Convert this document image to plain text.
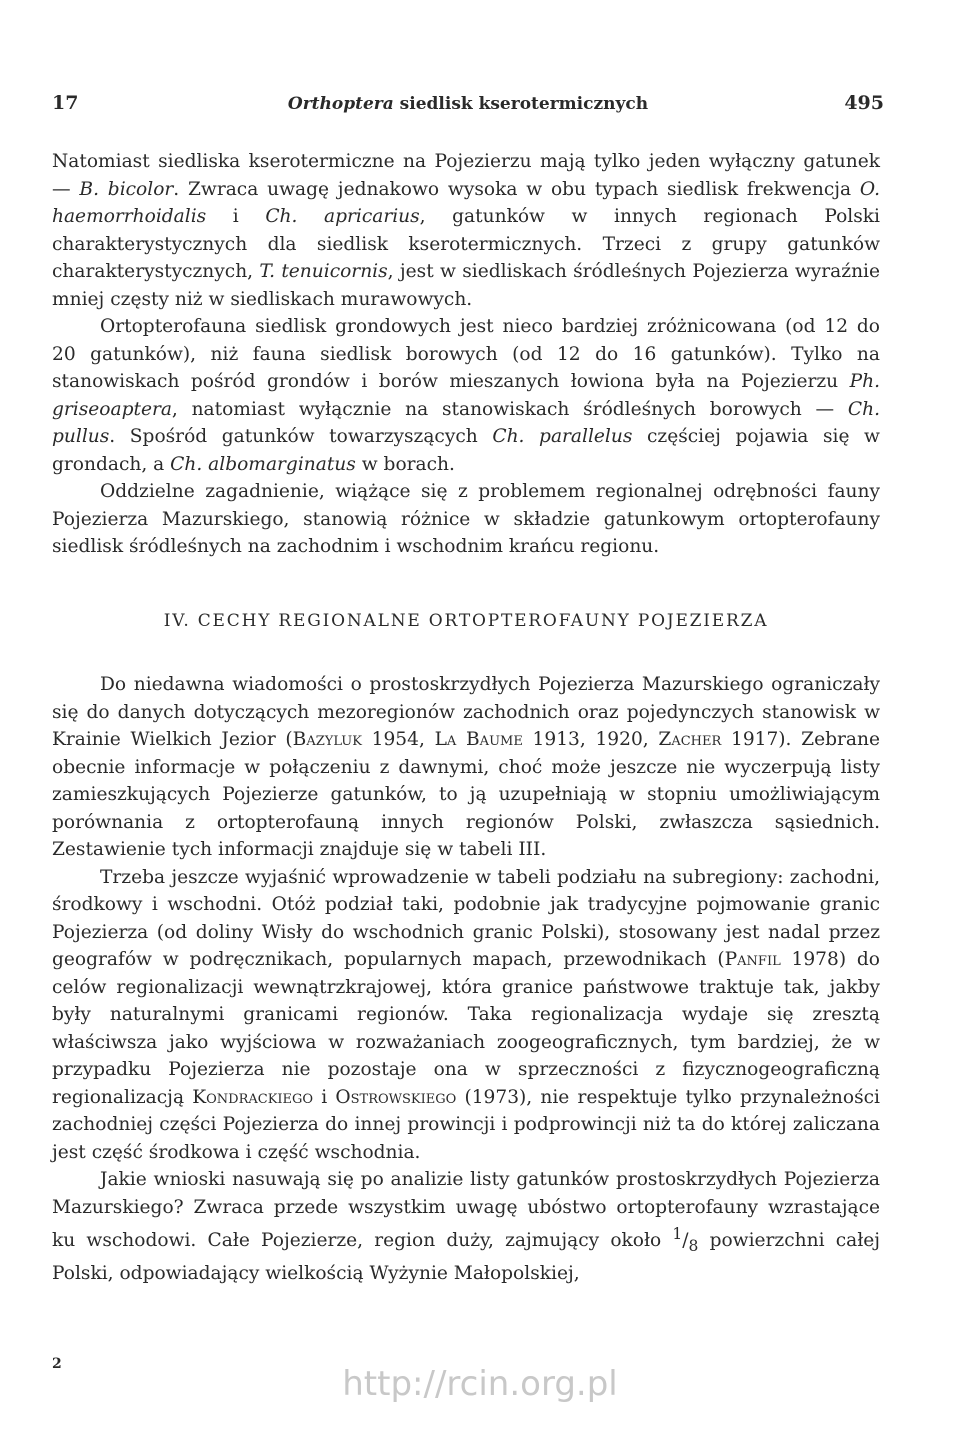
17	Orthoptera siedlisk kserotermicznych	495

Natomiast siedliska kserotermiczne na Pojezierzu mają tylko jeden wyłączny gatunek — B. bicolor. Zwraca uwagę jednakowo wysoka w obu typach siedlisk frekwencja O. haemorrhoidalis i Ch. apricarius, gatunków w innych regionach Polski charakterystycznych dla siedlisk kserotermicznych. Trzeci z grupy gatunków charakterystycznych, T. tenuicornis, jest w siedliskach śródleśnych Pojezierza wyraźnie mniej częsty niż w siedliskach murawowych.

Ortopterofauna siedlisk grondowych jest nieco bardziej zróżnicowana (od 12 do 20 gatunków), niż fauna siedlisk borowych (od 12 do 16 gatunków). Tylko na stanowiskach pośród grondów i borów mieszanych łowiona była na Pojezierzu Ph. griseoaptera, natomiast wyłącznie na stanowiskach śródleśnych borowych — Ch. pullus. Spośród gatunków towarzyszących Ch. parallelus częściej pojawia się w grondach, a Ch. albomarginatus w borach.

Oddzielne zagadnienie, wiążące się z problemem regionalnej odrębności fauny Pojezierza Mazurskiego, stanowią różnice w składzie gatunkowym ortopterofauny siedlisk śródleśnych na zachodnim i wschodnim krańcu regionu.

IV. CECHY REGIONALNE ORTOPTEROFAUNY POJEZIERZA

Do niedawna wiadomości o prostoskrzydłych Pojezierza Mazurskiego ograniczały się do danych dotyczących mezoregionów zachodnich oraz pojedynczych stanowisk w Krainie Wielkich Jezior (Bazyluk 1954, La Baume 1913, 1920, Zacher 1917). Zebrane obecnie informacje w połączeniu z dawnymi, choć może jeszcze nie wyczerpują listy zamieszkujących Pojezierze gatunków, to ją uzupełniają w stopniu umożliwiającym porównania z ortopterofauną innych regionów Polski, zwłaszcza sąsiednich. Zestawienie tych informacji znajduje się w tabeli III.

Trzeba jeszcze wyjaśnić wprowadzenie w tabeli podziału na subregiony: zachodni, środkowy i wschodni. Otóż podział taki, podobnie jak tradycyjne pojmowanie granic Pojezierza (od doliny Wisły do wschodnich granic Polski), stosowany jest nadal przez geografów w podręcznikach, popularnych mapach, przewodnikach (Panfil 1978) do celów regionalizacji wewnątrzkrajowej, która granice państwowe traktuje tak, jakby były naturalnymi granicami regionów. Taka regionalizacja wydaje się zresztą właściwsza jako wyjściowa w rozważaniach zoogeograficznych, tym bardziej, że w przypadku Pojezierza nie pozostaje ona w sprzeczności z fizycznogeograficzną regionalizacją Kondrackiego i Ostrowskiego (1973), nie respektuje tylko przynależności zachodniej części Pojezierza do innej prowincji i podprowincji niż ta do której zaliczana jest część środkowa i część wschodnia.

Jakie wnioski nasuwają się po analizie listy gatunków prostoskrzydłych Pojezierza Mazurskiego? Zwraca przede wszystkim uwagę ubóstwo ortopterofauny wzrastające ku wschodowi. Całe Pojezierze, region duży, zajmujący około $^1/_8$ powierzchni całej Polski, odpowiadający wielkością Wyżynie Małopolskiej,

2	http://rcin.org.pl
